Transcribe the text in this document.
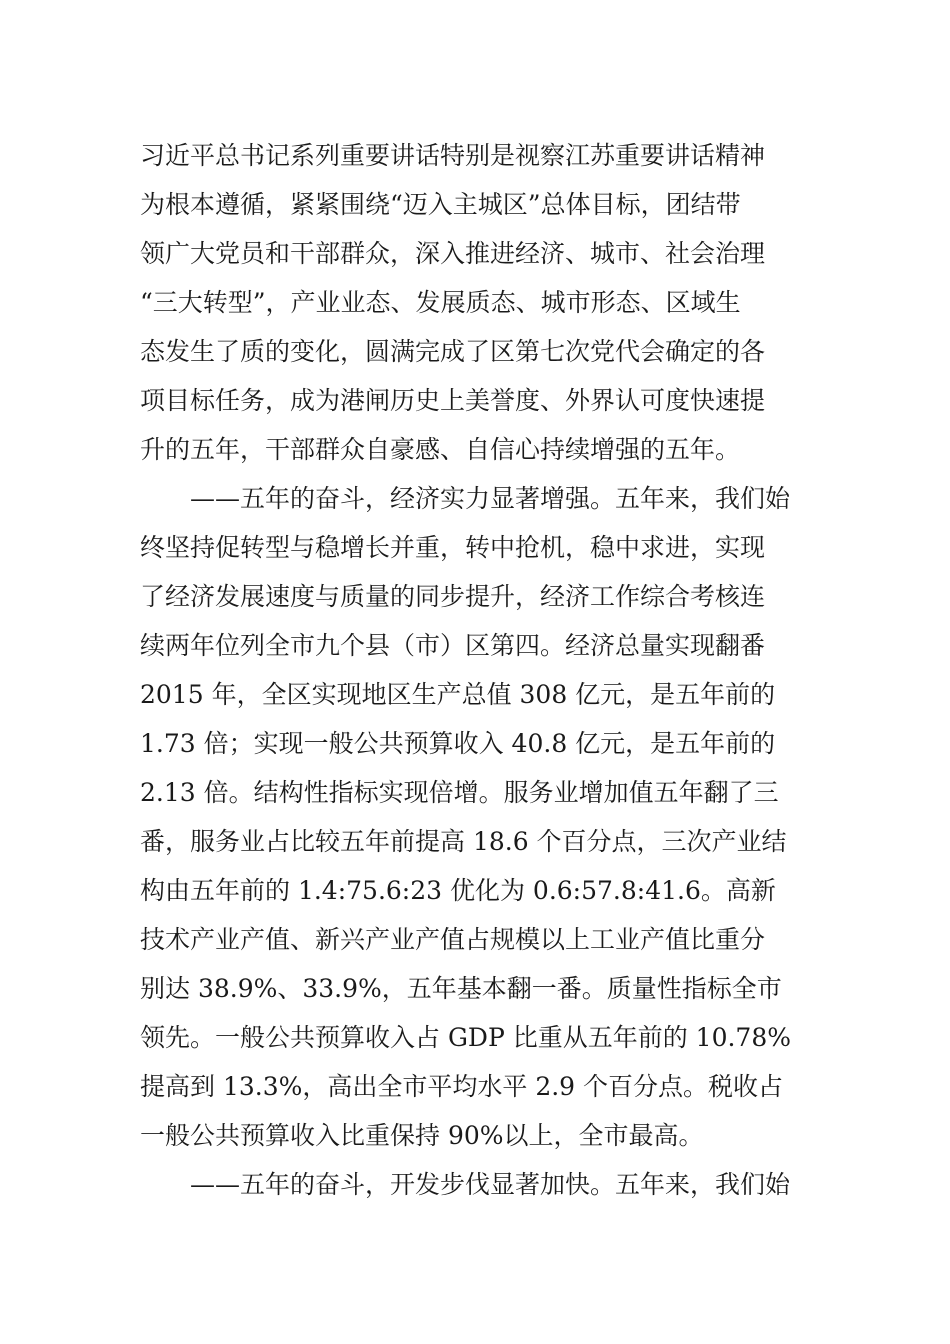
习近平总书记系列重要讲话特别是视察江苏重要讲话精神
为根本遵循，紧紧围绕“迈入主城区”总体目标，团结带
领广大党员和干部群众，深入推进经济、城市、社会治理
“三大转型”，产业业态、发展质态、城市形态、区域生
态发生了质的变化，圆满完成了区第七次党代会确定的各
项目标任务，成为港闸历史上美誉度、外界认可度快速提
升的五年，干部群众自豪感、自信心持续增强的五年。
　　——五年的奋斗，经济实力显著增强。五年来，我们始
终坚持促转型与稳增长并重，转中抢机，稳中求进，实现
了经济发展速度与质量的同步提升，经济工作综合考核连
续两年位列全市九个县（市）区第四。经济总量实现翻番
2015 年，全区实现地区生产总值 308 亿元，是五年前的
1.73 倍；实现一般公共预算收入 40.8 亿元，是五年前的
2.13 倍。结构性指标实现倍增。服务业增加值五年翻了三
番，服务业占比较五年前提高 18.6 个百分点，三次产业结
构由五年前的 1.4:75.6:23 优化为 0.6:57.8:41.6。高新
技术产业产值、新兴产业产值占规模以上工业产值比重分
别达 38.9%、33.9%，五年基本翻一番。质量性指标全市
领先。一般公共预算收入占 GDP 比重从五年前的 10.78%
提高到 13.3%，高出全市平均水平 2.9 个百分点。税收占
一般公共预算收入比重保持 90%以上，全市最高。
　　——五年的奋斗，开发步伐显著加快。五年来，我们始
